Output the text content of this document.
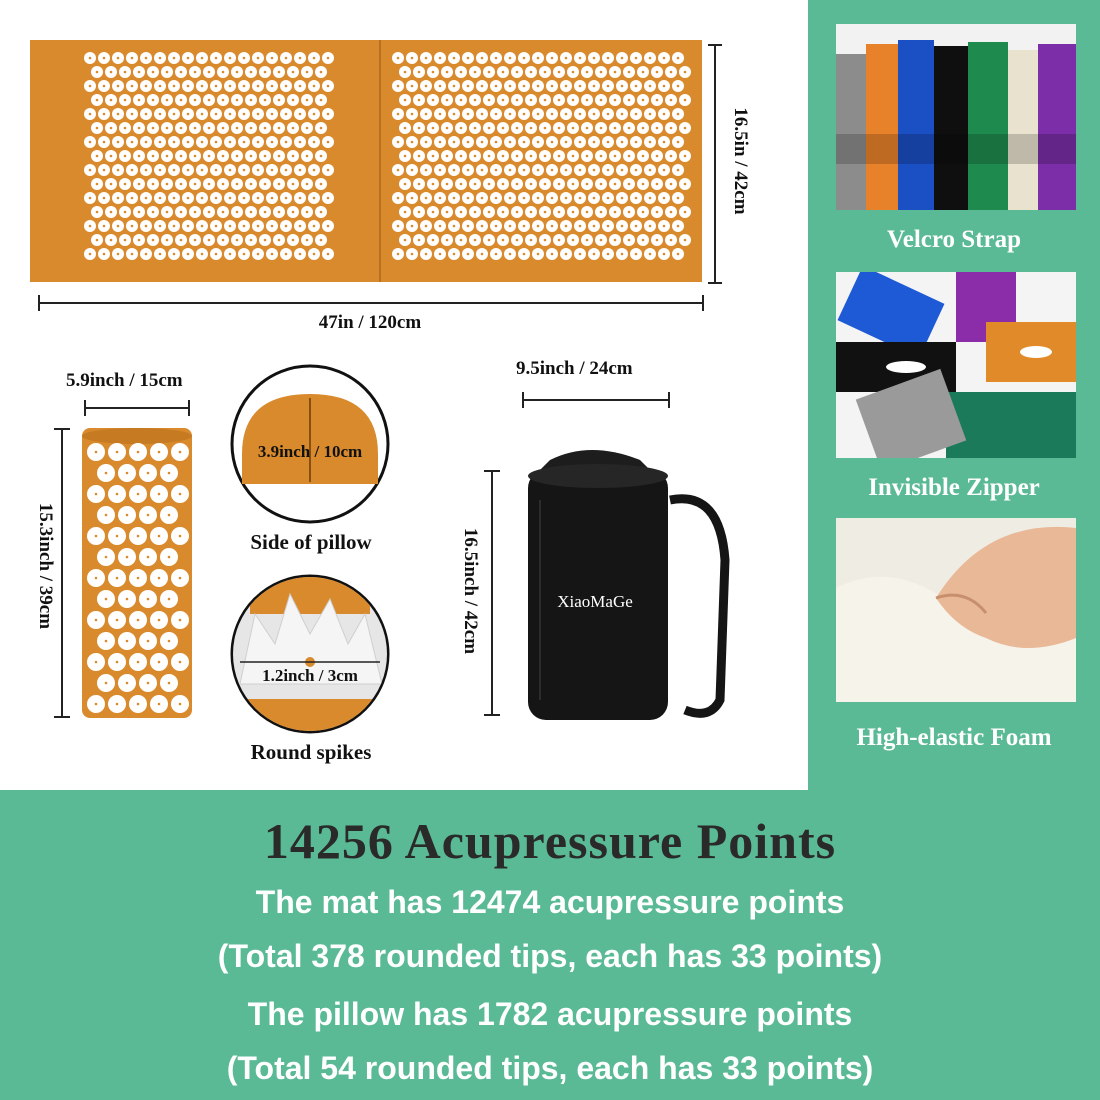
16.5in / 42cm
47in / 120cm
5.9inch / 15cm
15.3inch / 39cm
3.9inch / 10cm
Side of pillow
1.2inch / 3cm
Round spikes
9.5inch / 24cm
16.5inch / 42cm	XiaoMaGe
Velcro Strap
Invisible Zipper
High-elastic Foam
14256 Acupressure Points
The mat has 12474 acupressure points
(Total 378 rounded tips, each has 33 points)
The pillow has 1782 acupressure points
(Total 54 rounded tips, each has 33 points)
